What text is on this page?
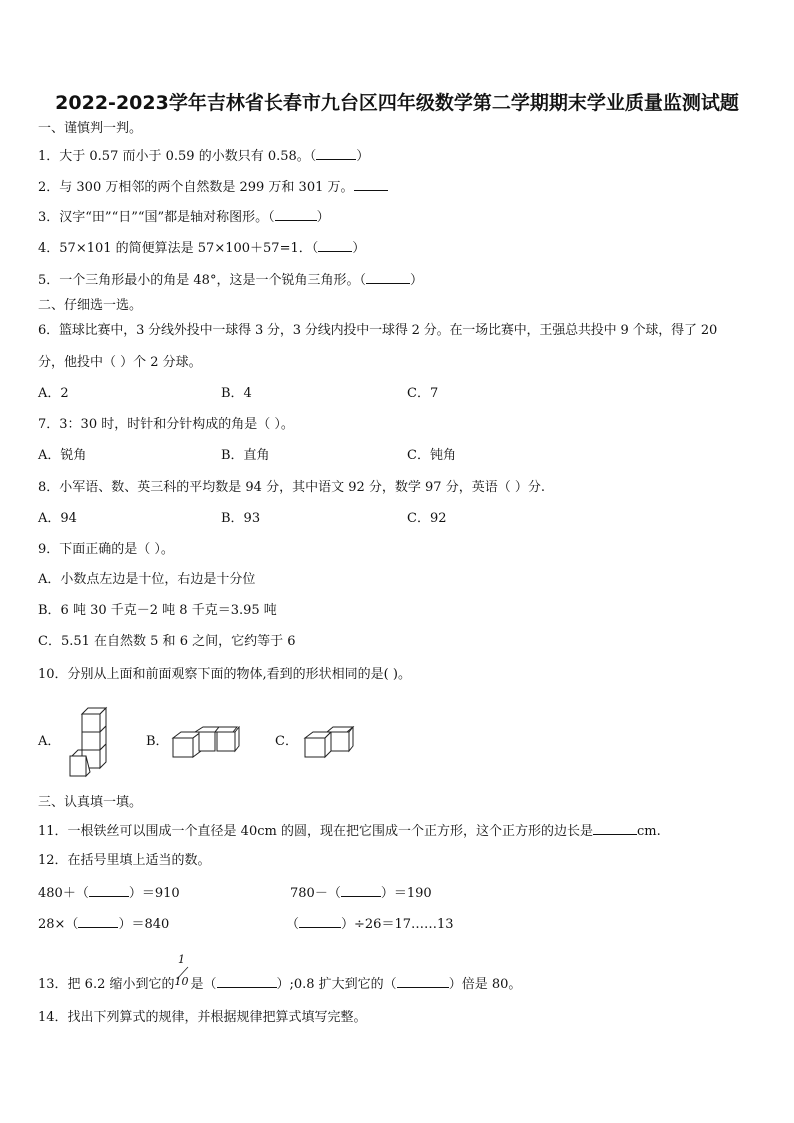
2022-2023学年吉林省长春市九台区四年级数学第二学期期末学业质量监测试题
一、谨慎判一判。
1．大于 0.57 而小于 0.59 的小数只有 0.58。（	）
2．与 300 万相邻的两个自然数是 299 万和 301 万。
3．汉字“田”“日”“国”都是轴对称图形。（	）
4．57×101 的简便算法是 57×100＋57=1．（	）
5．一个三角形最小的角是 48°，这是一个锐角三角形。（	）
二、仔细选一选。
6．篮球比赛中，3 分线外投中一球得 3 分，3 分线内投中一球得 2 分。在一场比赛中，王强总共投中 9 个球，得了 20
分，他投中（ ）个 2 分球。
A．2	B．4	C．7
7．3：30 时，时针和分针构成的角是（ ）。
A．锐角	B．直角	C．钝角
8．小军语、数、英三科的平均数是 94 分，其中语文 92 分，数学 97 分，英语（ ）分.
A．94	B．93	C．92
9．下面正确的是（ ）。
A．小数点左边是十位，右边是十分位
B．6 吨 30 千克－2 吨 8 千克＝3.95 吨
C．5.51 在自然数 5 和 6 之间，它约等于 6
10．分别从上面和前面观察下面的物体,看到的形状相同的是( )。
A．	B．	C．
三、认真填一填。
11．一根铁丝可以围成一个直径是 40cm 的圆，现在把它围成一个正方形，这个正方形的边长是	cm.
12．在括号里填上适当的数。
480＋（	）＝910	780－（	）＝190
28×（	）＝840	（	）÷26＝17……13
1
13．把 6.2 缩小到它的10 是（	）;0.8 扩大到它的（	）倍是 80。
14．找出下列算式的规律，并根据规律把算式填写完整。
